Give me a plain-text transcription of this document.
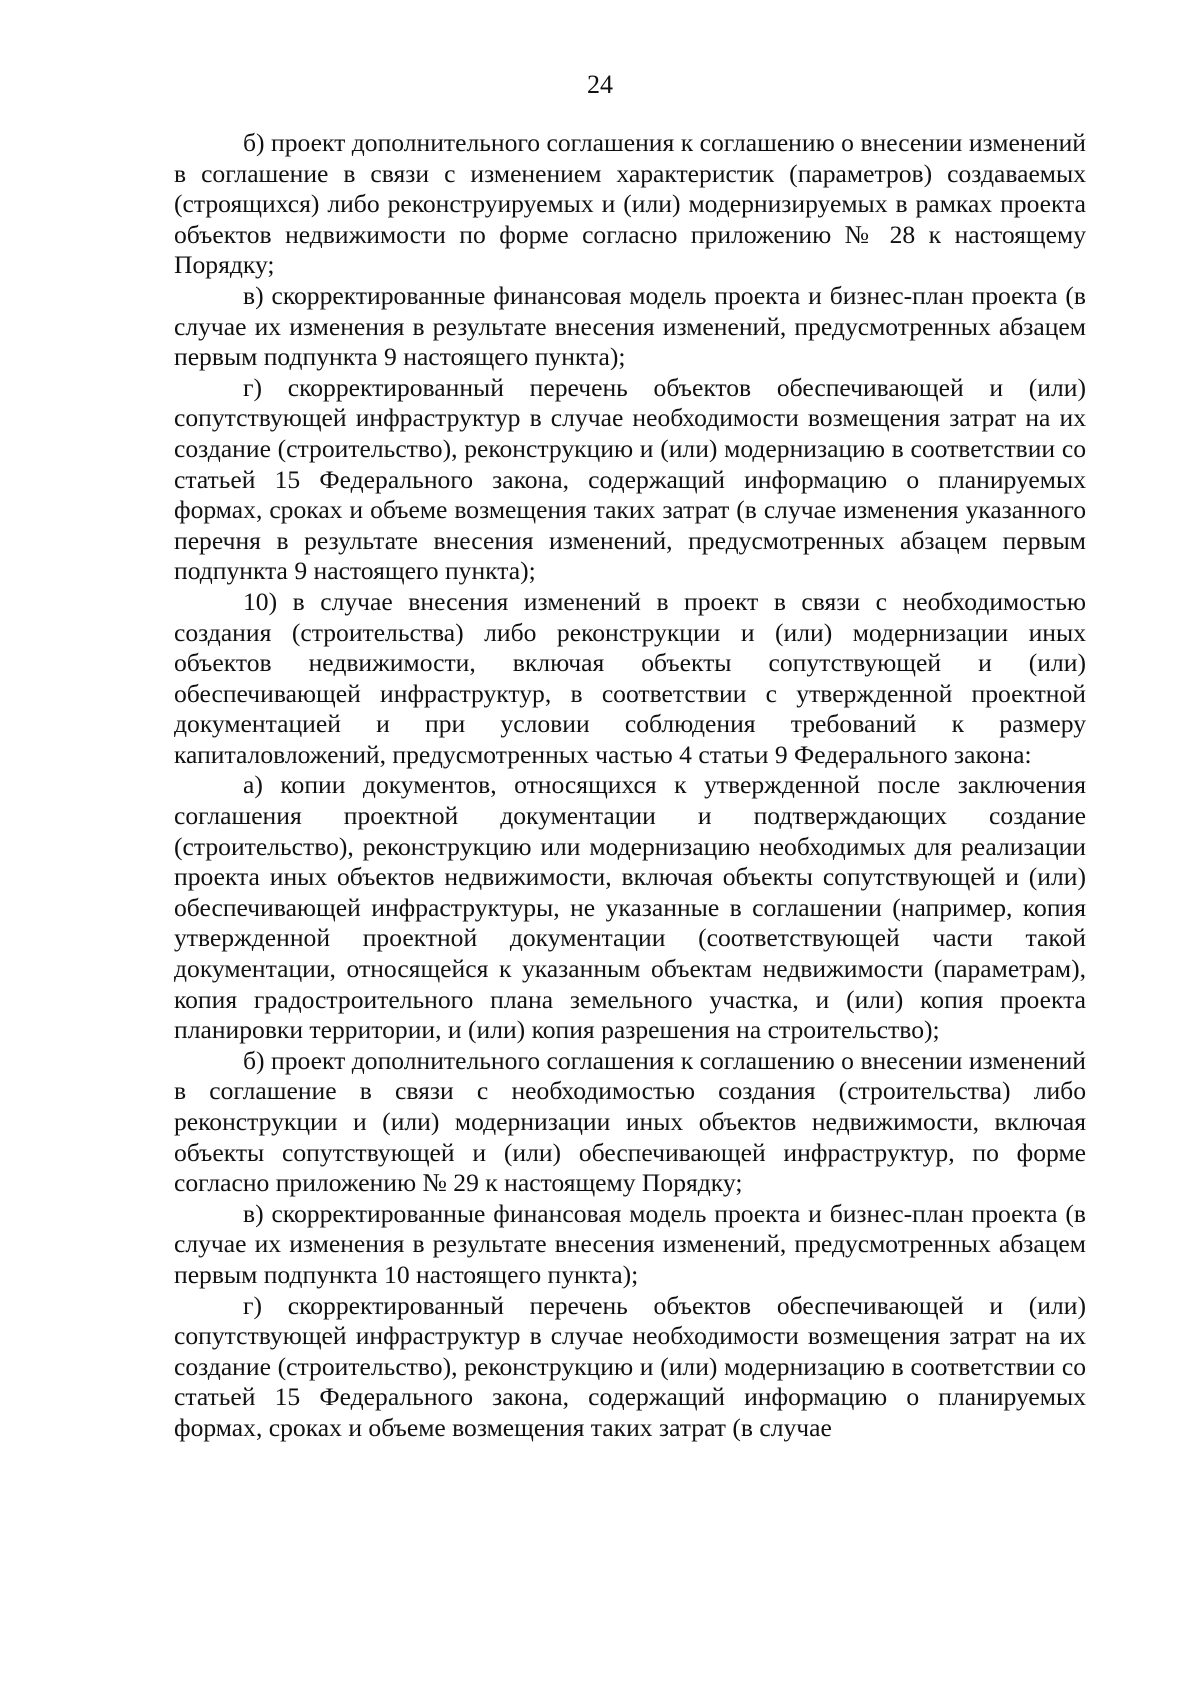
24

б) проект дополнительного соглашения к соглашению о внесении изменений в соглашение в связи с изменением характеристик (параметров) создаваемых (строящихся) либо реконструируемых и (или) модернизируемых в рамках проекта объектов недвижимости по форме согласно приложению № 28 к настоящему Порядку;

в) скорректированные финансовая модель проекта и бизнес-план проекта (в случае их изменения в результате внесения изменений, предусмотренных абзацем первым подпункта 9 настоящего пункта);

г) скорректированный перечень объектов обеспечивающей и (или) сопутствующей инфраструктур в случае необходимости возмещения затрат на их создание (строительство), реконструкцию и (или) модернизацию в соответствии со статьей 15 Федерального закона, содержащий информацию о планируемых формах, сроках и объеме возмещения таких затрат (в случае изменения указанного перечня в результате внесения изменений, предусмотренных абзацем первым подпункта 9 настоящего пункта);

10) в случае внесения изменений в проект в связи с необходимостью создания (строительства) либо реконструкции и (или) модернизации иных объектов недвижимости, включая объекты сопутствующей и (или) обеспечивающей инфраструктур, в соответствии с утвержденной проектной документацией и при условии соблюдения требований к размеру капиталовложений, предусмотренных частью 4 статьи 9 Федерального закона:

а) копии документов, относящихся к утвержденной после заключения соглашения проектной документации и подтверждающих создание (строительство), реконструкцию или модернизацию необходимых для реализации проекта иных объектов недвижимости, включая объекты сопутствующей и (или) обеспечивающей инфраструктуры, не указанные в соглашении (например, копия утвержденной проектной документации (соответствующей части такой документации, относящейся к указанным объектам недвижимости (параметрам), копия градостроительного плана земельного участка, и (или) копия проекта планировки территории, и (или) копия разрешения на строительство);

б) проект дополнительного соглашения к соглашению о внесении изменений в соглашение в связи с необходимостью создания (строительства) либо реконструкции и (или) модернизации иных объектов недвижимости, включая объекты сопутствующей и (или) обеспечивающей инфраструктур, по форме согласно приложению № 29 к настоящему Порядку;

в) скорректированные финансовая модель проекта и бизнес-план проекта (в случае их изменения в результате внесения изменений, предусмотренных абзацем первым подпункта 10 настоящего пункта);

г) скорректированный перечень объектов обеспечивающей и (или) сопутствующей инфраструктур в случае необходимости возмещения затрат на их создание (строительство), реконструкцию и (или) модернизацию в соответствии со статьей 15 Федерального закона, содержащий информацию о планируемых формах, сроках и объеме возмещения таких затрат (в случае
